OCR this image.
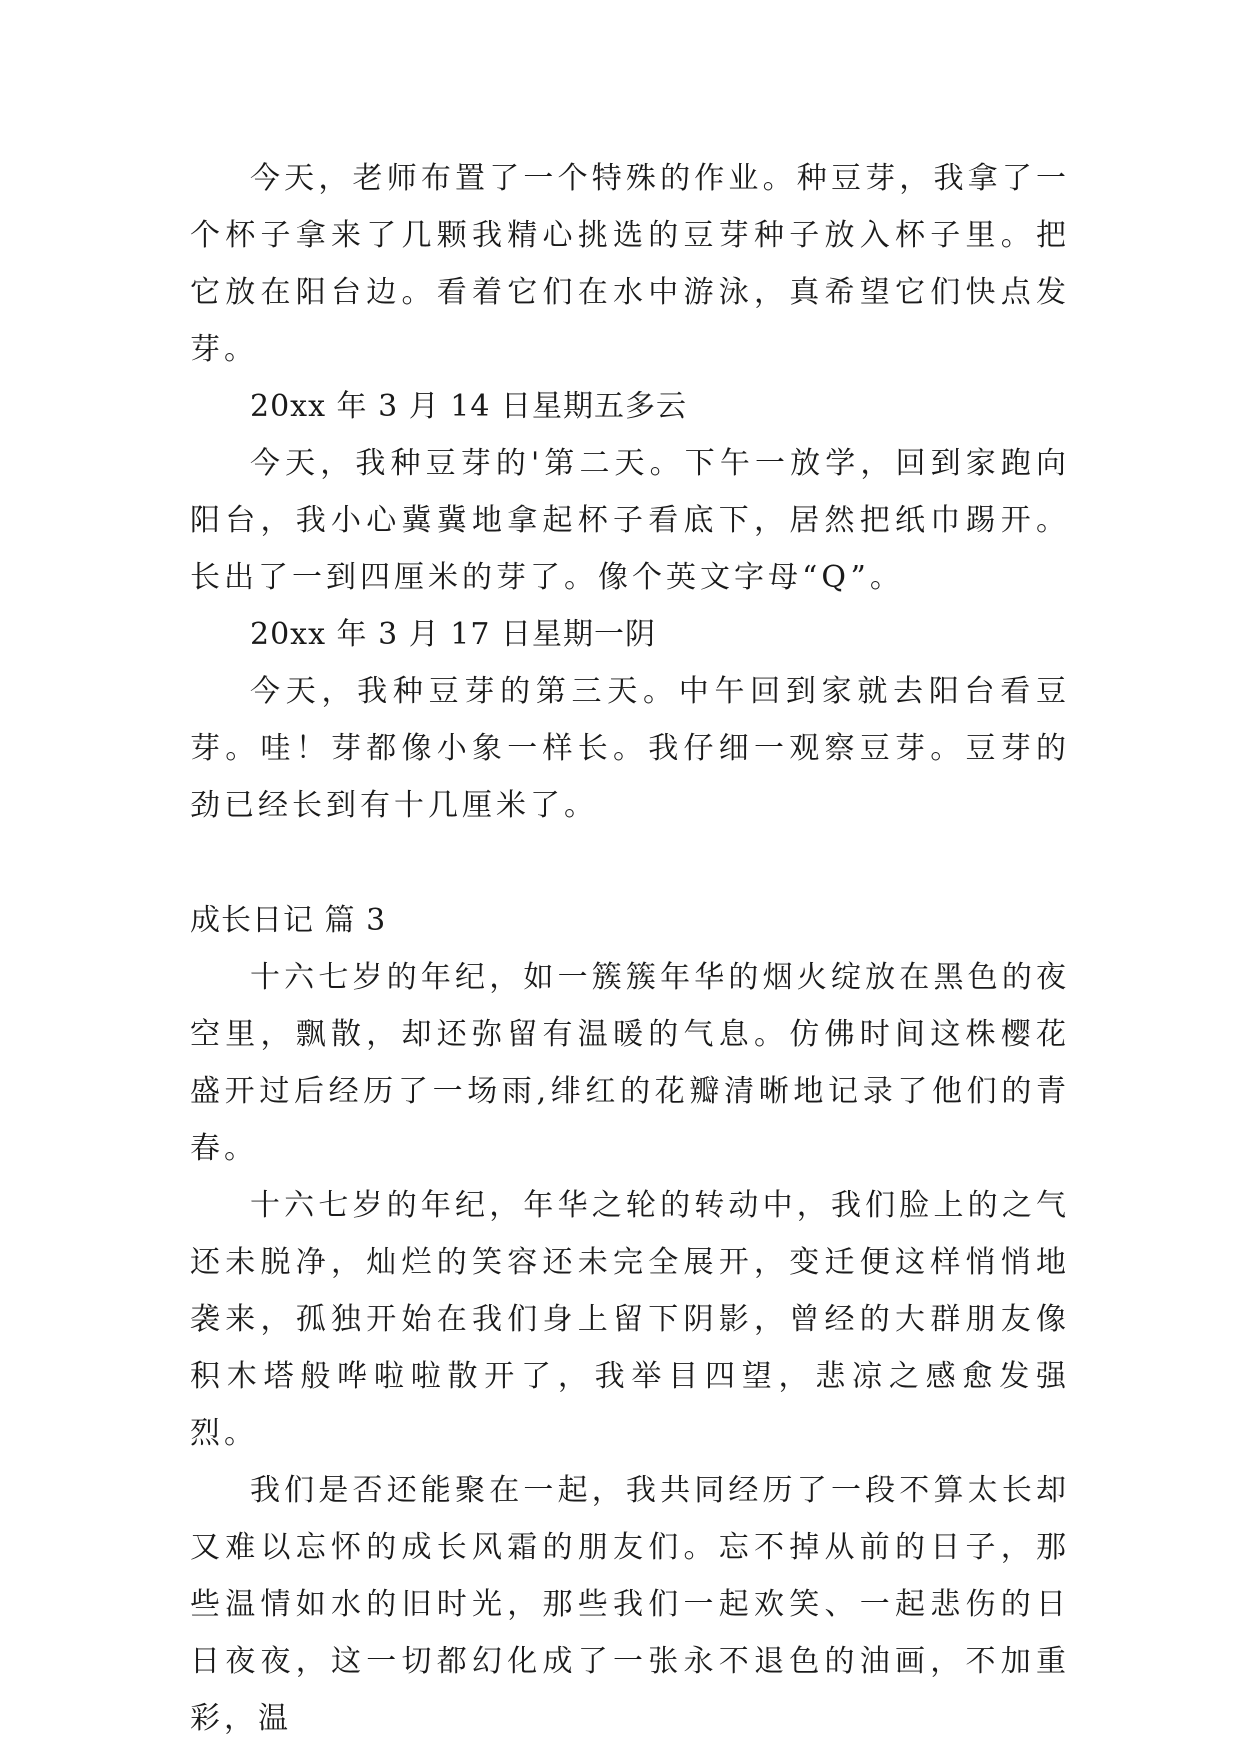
今天，老师布置了一个特殊的作业。种豆芽，我拿了一个杯子拿来了几颗我精心挑选的豆芽种子放入杯子里。把它放在阳台边。看着它们在水中游泳，真希望它们快点发芽。

20xx 年 3 月 14 日星期五多云

今天，我种豆芽的'第二天。下午一放学，回到家跑向阳台，我小心冀冀地拿起杯子看底下，居然把纸巾踢开。长出了一到四厘米的芽了。像个英文字母“Q”。

20xx 年 3 月 17 日星期一阴

今天，我种豆芽的第三天。中午回到家就去阳台看豆芽。哇！芽都像小象一样长。我仔细一观察豆芽。豆芽的劲已经长到有十几厘米了。

成长日记 篇 3

十六七岁的年纪，如一簇簇年华的烟火绽放在黑色的夜空里，飘散，却还弥留有温暖的气息。仿佛时间这株樱花盛开过后经历了一场雨,绯红的花瓣清晰地记录了他们的青春。

十六七岁的年纪，年华之轮的转动中，我们脸上的之气还未脱净，灿烂的笑容还未完全展开，变迁便这样悄悄地袭来，孤独开始在我们身上留下阴影，曾经的大群朋友像积木塔般哗啦啦散开了，我举目四望，悲凉之感愈发强烈。

我们是否还能聚在一起，我共同经历了一段不算太长却又难以忘怀的成长风霜的朋友们。忘不掉从前的日子，那些温情如水的旧时光，那些我们一起欢笑、一起悲伤的日日夜夜，这一切都幻化成了一张永不退色的油画，不加重彩，温
